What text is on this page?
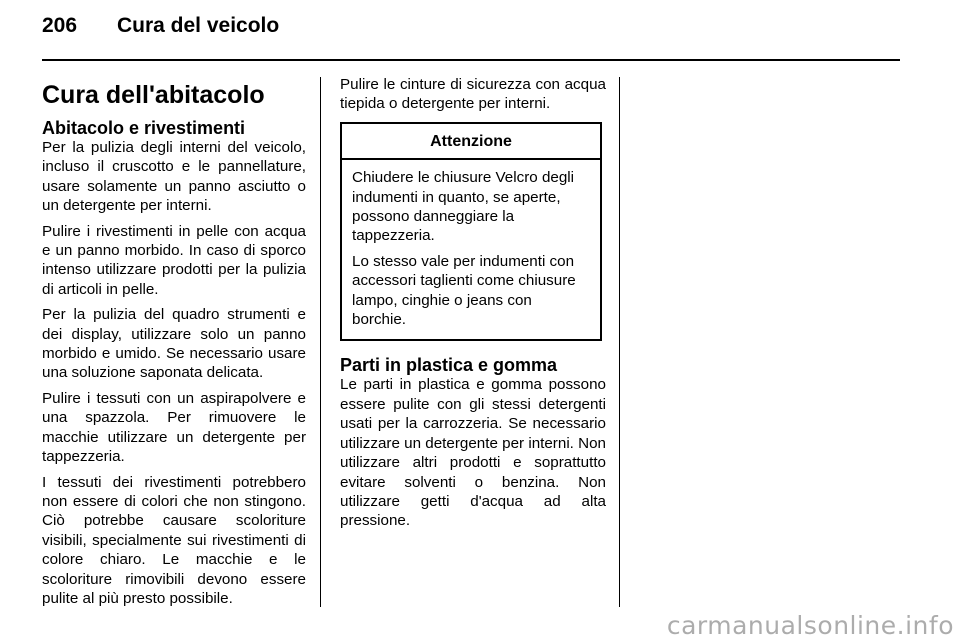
206 Cura del veicolo
Cura dell'abitacolo
Abitacolo e rivestimenti

Per la pulizia degli interni del veicolo, incluso il cruscotto e le pannellature, usare solamente un panno asciutto o un detergente per interni.

Pulire i rivestimenti in pelle con acqua e un panno morbido. In caso di sporco intenso utilizzare prodotti per la pulizia di articoli in pelle.

Per la pulizia del quadro strumenti e dei display, utilizzare solo un panno morbido e umido. Se necessario usare una soluzione saponata delicata.

Pulire i tessuti con un aspirapolvere e una spazzola. Per rimuovere le macchie utilizzare un detergente per tappezzeria.

I tessuti dei rivestimenti potrebbero non essere di colori che non stingono. Ciò potrebbe causare scoloriture visibili, specialmente sui rivestimenti di colore chiaro. Le macchie e le scoloriture rimovibili devono essere pulite al più presto possibile.

Pulire le cinture di sicurezza con acqua tiepida o detergente per interni.

Attenzione

Chiudere le chiusure Velcro degli indumenti in quanto, se aperte, possono danneggiare la tappezzeria.

Lo stesso vale per indumenti con accessori taglienti come chiusure lampo, cinghie o jeans con borchie.

Parti in plastica e gomma

Le parti in plastica e gomma possono essere pulite con gli stessi detergenti usati per la carrozzeria. Se necessario utilizzare un detergente per interni. Non utilizzare altri prodotti e soprattutto evitare solventi o benzina. Non utilizzare getti d'acqua ad alta pressione.

carmanualsonline.info
